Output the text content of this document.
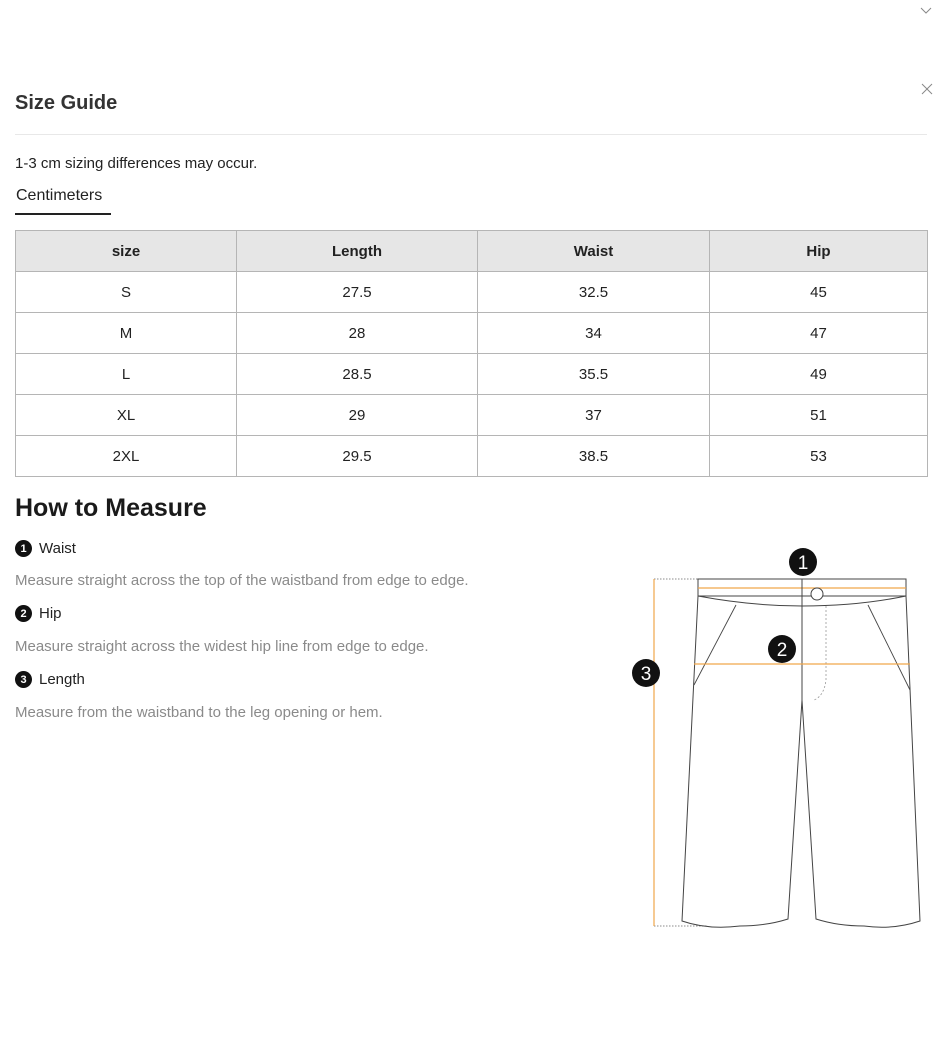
Size Guide
1-3 cm sizing differences may occur.
Centimeters
size	Length	Waist	Hip
S	27.5	32.5	45
M	28	34	47
L	28.5	35.5	49
XL	29	37	51
2XL	29.5	38.5	53
How to Measure
1 Waist
Measure straight across the top of the waistband from edge to edge.
2 Hip
Measure straight across the widest hip line from edge to edge.
3 Length
Measure from the waistband to the leg opening or hem.
1
2
3
